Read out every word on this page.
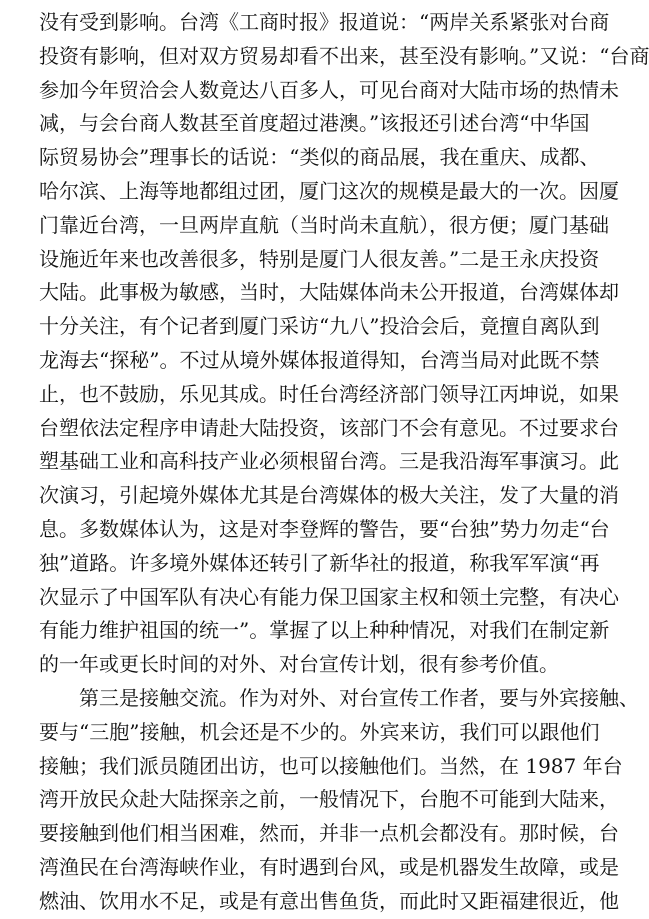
没有受到影响。台湾《工商时报》报道说：“两岸关系紧张对台商
投资有影响，但对双方贸易却看不出来，甚至没有影响。”又说：“台商
参加今年贸洽会人数竟达八百多人，可见台商对大陆市场的热情未
减，与会台商人数甚至首度超过港澳。”该报还引述台湾“中华国
际贸易协会”理事长的话说：“类似的商品展，我在重庆、成都、
哈尔滨、上海等地都组过团，厦门这次的规模是最大的一次。因厦
门靠近台湾，一旦两岸直航（当时尚未直航），很方便；厦门基础
设施近年来也改善很多，特别是厦门人很友善。”二是王永庆投资
大陆。此事极为敏感，当时，大陆媒体尚未公开报道，台湾媒体却
十分关注，有个记者到厦门采访“九八”投洽会后，竟擅自离队到
龙海去“探秘”。不过从境外媒体报道得知，台湾当局对此既不禁
止，也不鼓励，乐见其成。时任台湾经济部门领导江丙坤说，如果
台塑依法定程序申请赴大陆投资，该部门不会有意见。不过要求台
塑基础工业和高科技产业必须根留台湾。三是我沿海军事演习。此
次演习，引起境外媒体尤其是台湾媒体的极大关注，发了大量的消
息。多数媒体认为，这是对李登辉的警告，要“台独”势力勿走“台
独”道路。许多境外媒体还转引了新华社的报道，称我军军演“再
次显示了中国军队有决心有能力保卫国家主权和领土完整，有决心
有能力维护祖国的统一”。掌握了以上种种情况，对我们在制定新
的一年或更长时间的对外、对台宣传计划，很有参考价值。
第三是接触交流。作为对外、对台宣传工作者，要与外宾接触、
要与“三胞”接触，机会还是不少的。外宾来访，我们可以跟他们
接触；我们派员随团出访，也可以接触他们。当然，在 1987 年台
湾开放民众赴大陆探亲之前，一般情况下，台胞不可能到大陆来，
要接触到他们相当困难，然而，并非一点机会都没有。那时候，台
湾渔民在台湾海峡作业，有时遇到台风，或是机器发生故障，或是
燃油、饮用水不足，或是有意出售鱼货，而此时又距福建很近，他
